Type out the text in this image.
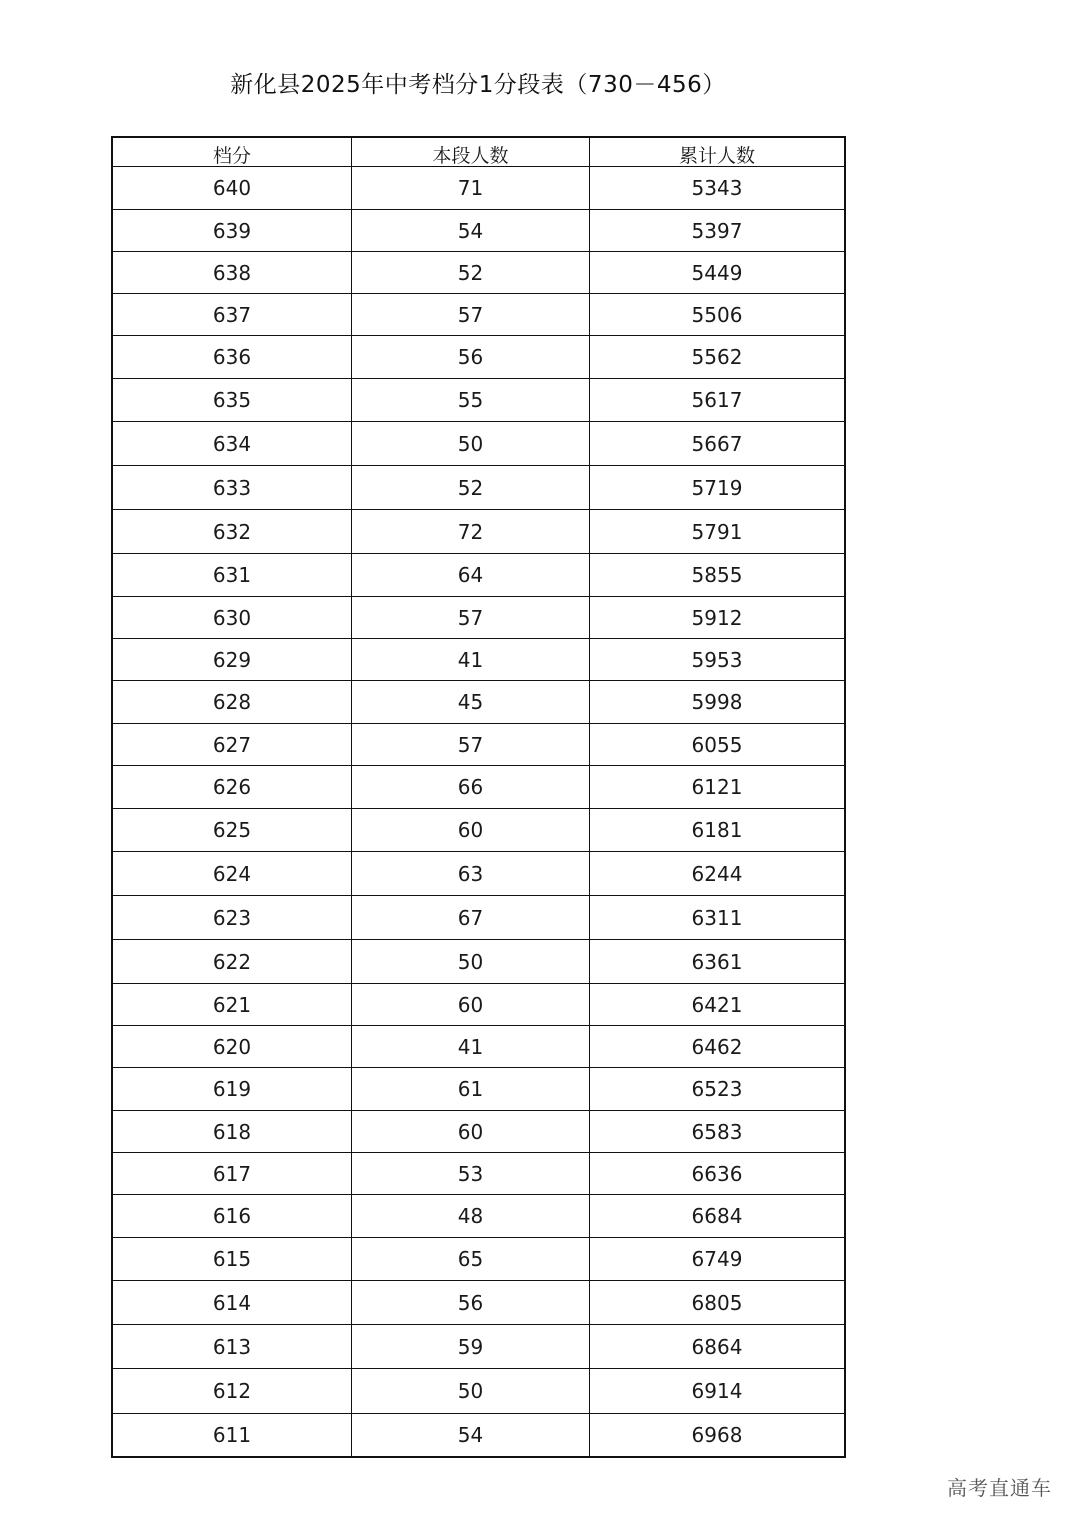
新化县2025年中考档分1分段表（730－456）
档分	本段人数	累计人数
640	71	5343
639	54	5397
638	52	5449
637	57	5506
636	56	5562
635	55	5617
634	50	5667
633	52	5719
632	72	5791
631	64	5855
630	57	5912
629	41	5953
628	45	5998
627	57	6055
626	66	6121
625	60	6181
624	63	6244
623	67	6311
622	50	6361
621	60	6421
620	41	6462
619	61	6523
618	60	6583
617	53	6636
616	48	6684
615	65	6749
614	56	6805
613	59	6864
612	50	6914
611	54	6968
高考直通车
